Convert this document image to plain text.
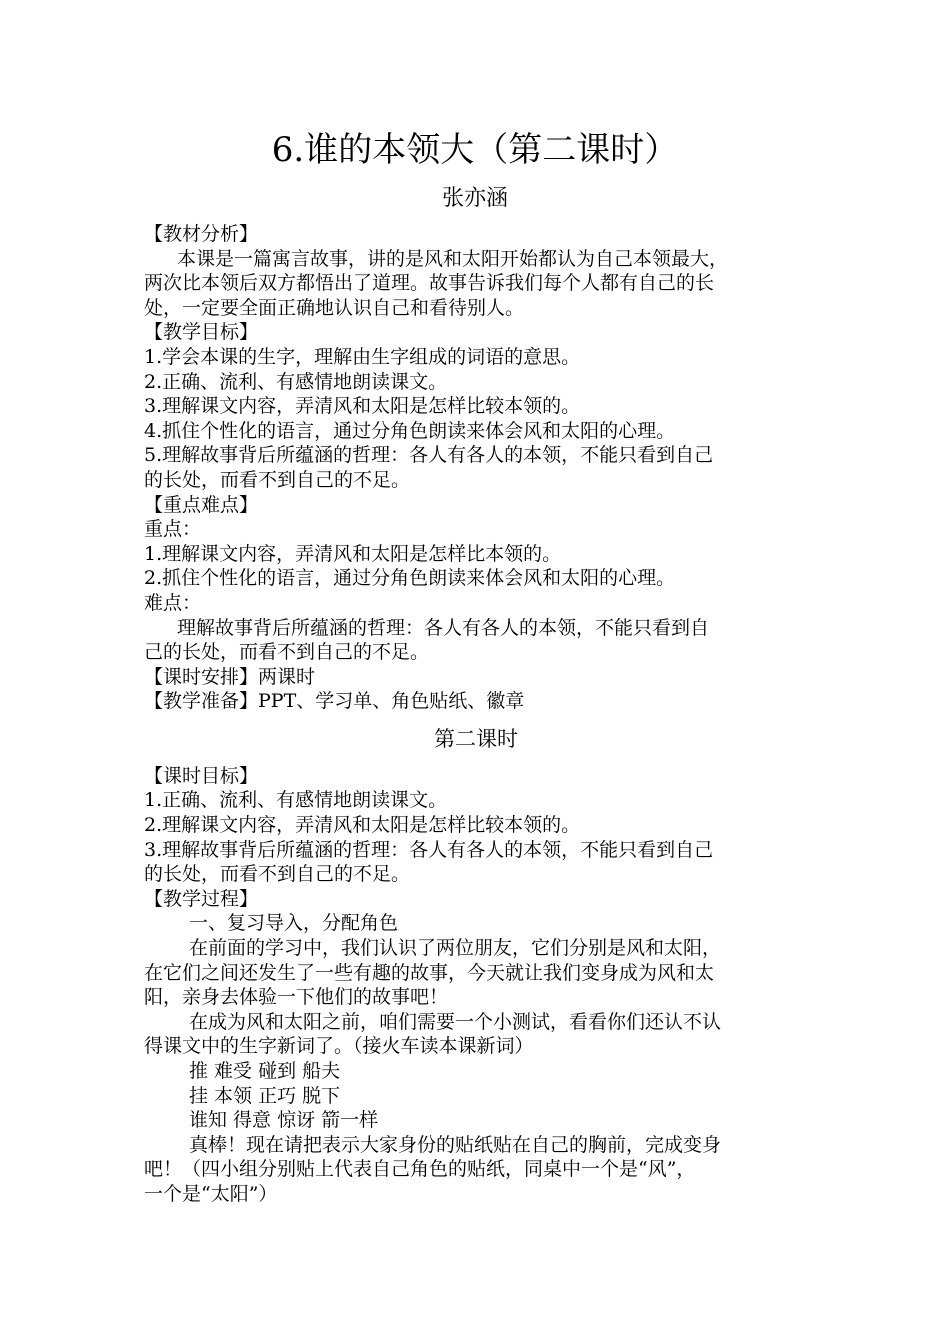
6.谁的本领大（第二课时）
张亦涵
【教材分析】
本课是一篇寓言故事，讲的是风和太阳开始都认为自己本领最大，
两次比本领后双方都悟出了道理。故事告诉我们每个人都有自己的长
处，一定要全面正确地认识自己和看待别人。
【教学目标】
1.学会本课的生字，理解由生字组成的词语的意思。
2.正确、流利、有感情地朗读课文。
3.理解课文内容，弄清风和太阳是怎样比较本领的。
4.抓住个性化的语言，通过分角色朗读来体会风和太阳的心理。
5.理解故事背后所蕴涵的哲理：各人有各人的本领，不能只看到自己
的长处，而看不到自己的不足。
【重点难点】
重点：
1.理解课文内容，弄清风和太阳是怎样比本领的。
2.抓住个性化的语言，通过分角色朗读来体会风和太阳的心理。
难点：
理解故事背后所蕴涵的哲理：各人有各人的本领，不能只看到自
己的长处，而看不到自己的不足。
【课时安排】两课时
【教学准备】PPT、学习单、角色贴纸、徽章
第二课时
【课时目标】
1.正确、流利、有感情地朗读课文。
2.理解课文内容，弄清风和太阳是怎样比较本领的。
3.理解故事背后所蕴涵的哲理：各人有各人的本领，不能只看到自己
的长处，而看不到自己的不足。
【教学过程】
一、复习导入，分配角色
在前面的学习中，我们认识了两位朋友，它们分别是风和太阳，
在它们之间还发生了一些有趣的故事，今天就让我们变身成为风和太
阳，亲身去体验一下他们的故事吧！
在成为风和太阳之前，咱们需要一个小测试，看看你们还认不认
得课文中的生字新词了。（接火车读本课新词）
推 难受 碰到 船夫
挂 本领 正巧 脱下
谁知 得意 惊讶 箭一样
真棒！现在请把表示大家身份的贴纸贴在自己的胸前，完成变身
吧！（四小组分别贴上代表自己角色的贴纸，同桌中一个是“风”，
一个是“太阳”）
